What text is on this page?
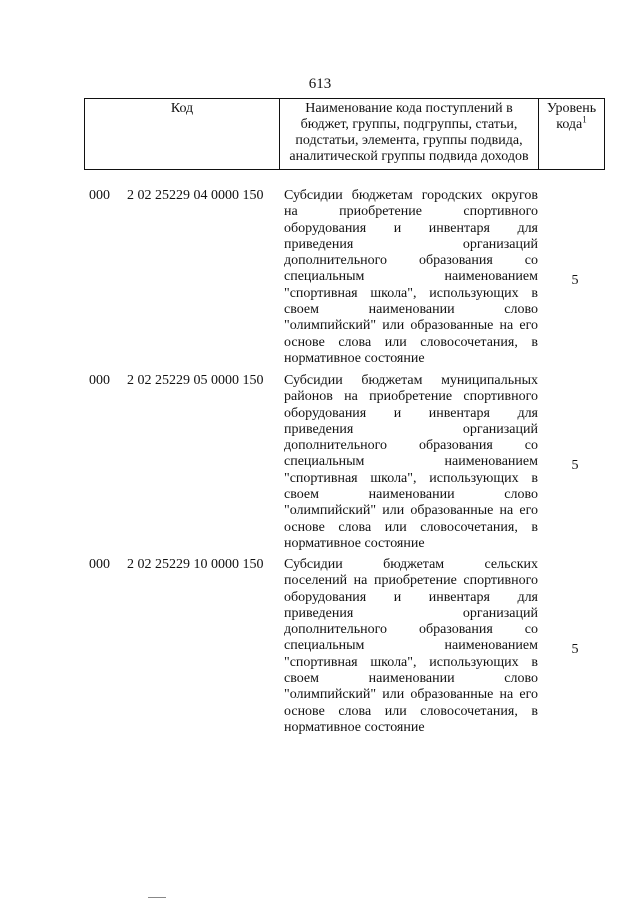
613
Код	Наименование кода поступлений в
бюджет, группы, подгруппы, статьи,
подстатьи, элемента, группы подвида,
аналитической группы подвида доходов
Уровень
кода$^1$
000 2 02 25229 04 0000 150 Субсидии бюджетам городских округов
на приобретение спортивного
оборудования и инвентаря для
приведения организаций
дополнительного образования со
специальным наименованием
"спортивная школа", использующих в
своем наименовании слово
"олимпийский" или образованные на его
основе слова или словосочетания, в
нормативное состояние
5
000 2 02 25229 05 0000 150 Субсидии бюджетам муниципальных
районов на приобретение спортивного
оборудования и инвентаря для
приведения организаций
дополнительного образования со
специальным наименованием
"спортивная школа", использующих в
своем наименовании слово
"олимпийский" или образованные на его
основе слова или словосочетания, в
нормативное состояние
5
000 2 02 25229 10 0000 150 Субсидии бюджетам сельских
поселений на приобретение спортивного
оборудования и инвентаря для
приведения организаций
дополнительного образования со
специальным наименованием
"спортивная школа", использующих в
своем наименовании слово
"олимпийский" или образованные на его
основе слова или словосочетания, в
нормативное состояние
5
